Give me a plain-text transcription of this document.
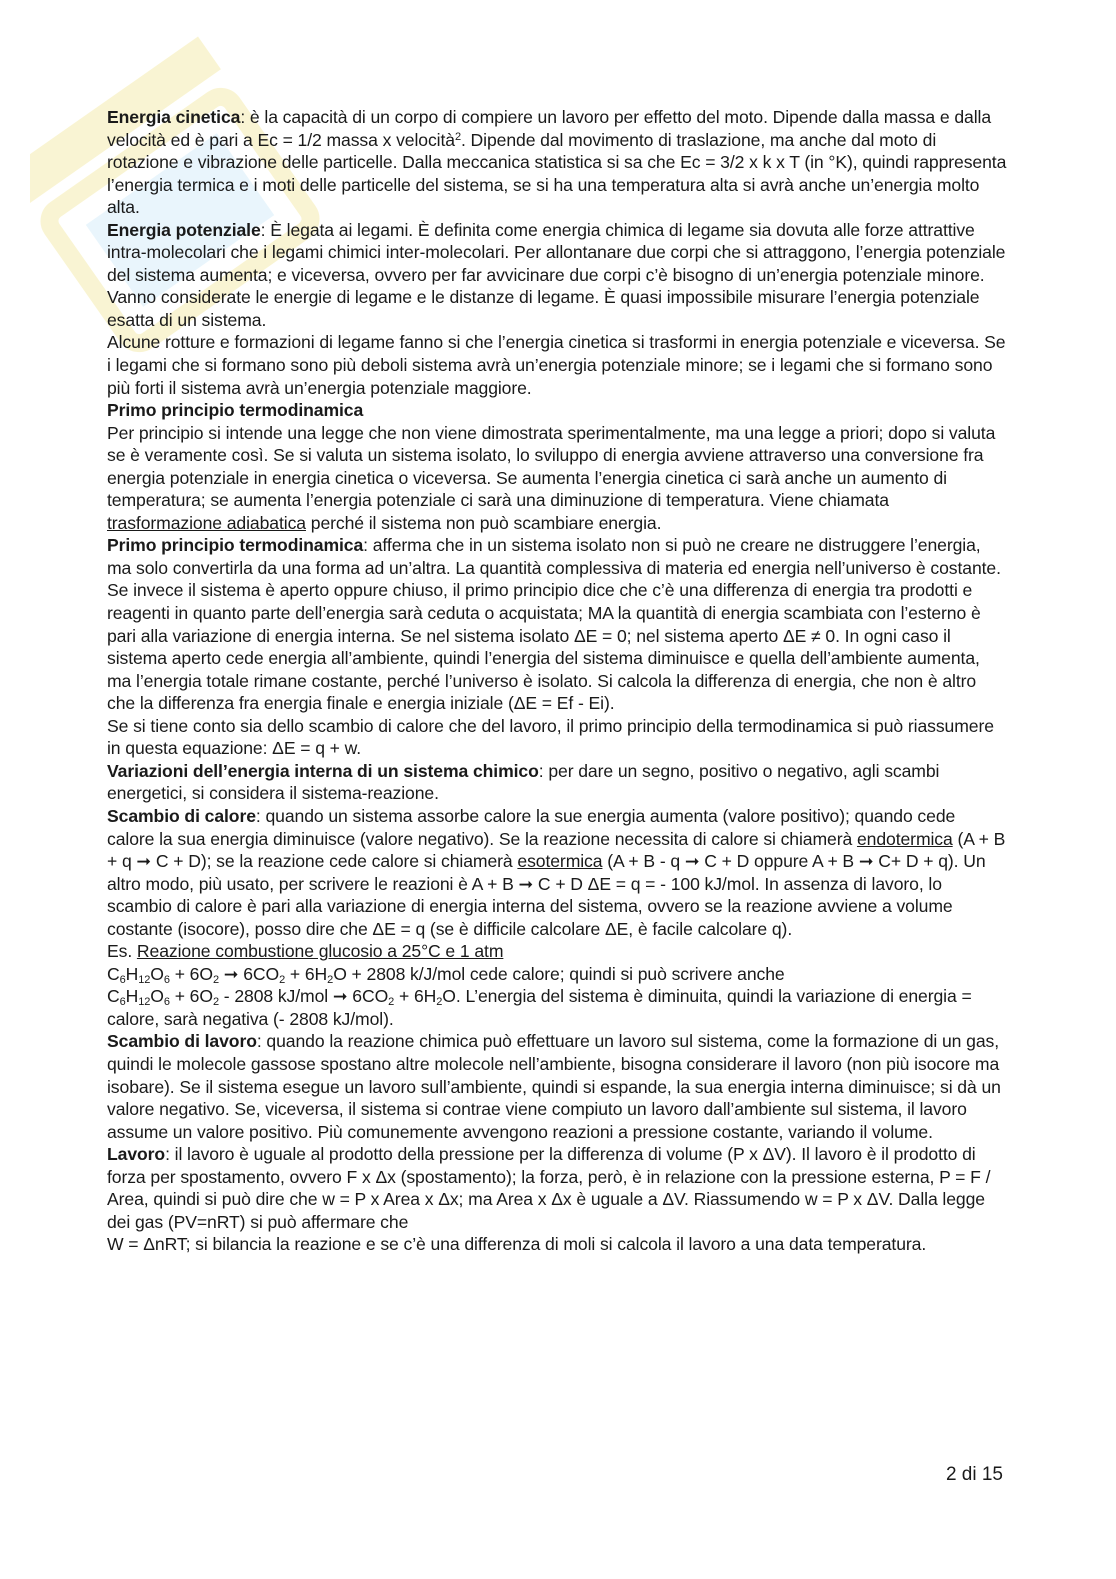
Energia cinetica: è la capacità di un corpo di compiere un lavoro per effetto del moto. Dipende dalla massa e dalla velocità ed è pari a Ec = 1/2 massa x velocità$^2$. Dipende dal movimento di traslazione, ma anche dal moto di rotazione e vibrazione delle particelle. Dalla meccanica statistica si sa che Ec = 3/2 x k x T (in °K), quindi rappresenta l’energia termica e i moti delle particelle del sistema, se si ha una temperatura alta si avrà anche un’energia molto alta.

Energia potenziale: È legata ai legami. È definita come energia chimica di legame sia dovuta alle forze attrattive intra-molecolari che i legami chimici inter-molecolari. Per allontanare due corpi che si attraggono, l’energia potenziale del sistema aumenta; e viceversa, ovvero per far avvicinare due corpi c’è bisogno di un’energia potenziale minore. Vanno considerate le energie di legame e le distanze di legame. È quasi impossibile misurare l’energia potenziale esatta di un sistema.

Alcune rotture e formazioni di legame fanno si che l’energia cinetica si trasformi in energia potenziale e viceversa. Se i legami che si formano sono più deboli sistema avrà un’energia potenziale minore; se i legami che si formano sono più forti il sistema avrà un’energia potenziale maggiore.

Primo principio termodinamica

Per principio si intende una legge che non viene dimostrata sperimentalmente, ma una legge a priori; dopo si valuta se è veramente così. Se si valuta un sistema isolato, lo sviluppo di energia avviene attraverso una conversione fra energia potenziale in energia cinetica o viceversa. Se aumenta l’energia cinetica ci sarà anche un aumento di temperatura; se aumenta l’energia potenziale ci sarà una diminuzione di temperatura. Viene chiamata trasformazione adiabatica perché il sistema non può scambiare energia.

Primo principio termodinamica: afferma che in un sistema isolato non si può ne creare ne distruggere l’energia, ma solo convertirla da una forma ad un’altra. La quantità complessiva di materia ed energia nell’universo è costante. Se invece il sistema è aperto oppure chiuso, il primo principio dice che c’è una differenza di energia tra prodotti e reagenti in quanto parte dell’energia sarà ceduta o acquistata; MA la quantità di energia scambiata con l’esterno è pari alla variazione di energia interna. Se nel sistema isolato ΔE = 0; nel sistema aperto ΔE ≠ 0. In ogni caso il sistema aperto cede energia all’ambiente, quindi l’energia del sistema diminuisce e quella dell’ambiente aumenta, ma l’energia totale rimane costante, perché l’universo è isolato. Si calcola la differenza di energia, che non è altro che la differenza fra energia finale e energia iniziale (ΔE = Ef - Ei).

Se si tiene conto sia dello scambio di calore che del lavoro, il primo principio della termodinamica si può riassumere in questa equazione: ΔE = q + w.

Variazioni dell’energia interna di un sistema chimico: per dare un segno, positivo o negativo, agli scambi energetici, si considera il sistema-reazione.

Scambio di calore: quando un sistema assorbe calore la sue energia aumenta (valore positivo); quando cede calore la sua energia diminuisce (valore negativo). Se la reazione necessita di calore si chiamerà endotermica (A + B + q ➞ C + D); se la reazione cede calore si chiamerà esotermica (A + B - q ➞ C + D oppure A + B ➞ C+ D + q). Un altro modo, più usato, per scrivere le reazioni è A + B ➞ C + D ΔE = q = - 100 kJ/mol. In assenza di lavoro, lo scambio di calore è pari alla variazione di energia interna del sistema, ovvero se la reazione avviene a volume costante (isocore), posso dire che ΔE = q (se è difficile calcolare ΔE, è facile calcolare q).

Es. Reazione combustione glucosio a 25°C e 1 atm

$C_6H_{12}O_6 + 6O_2$ ➞ $6CO_2 + 6H_2O + 2808$ k/J/mol cede calore; quindi si può scrivere anche
$C_6H_{12}O_6 + 6O_2 - 2808$ kJ/mol ➞ $6CO_2 + 6H_2O$. L’energia del sistema è diminuita, quindi la variazione di energia = calore, sarà negativa (- 2808 kJ/mol).

Scambio di lavoro: quando la reazione chimica può effettuare un lavoro sul sistema, come la formazione di un gas, quindi le molecole gassose spostano altre molecole nell’ambiente, bisogna considerare il lavoro (non più isocore ma isobare). Se il sistema esegue un lavoro sull’ambiente, quindi si espande, la sua energia interna diminuisce; si dà un valore negativo. Se, viceversa, il sistema si contrae viene compiuto un lavoro dall’ambiente sul sistema, il lavoro assume un valore positivo. Più comunemente avvengono reazioni a pressione costante, variando il volume.

Lavoro: il lavoro è uguale al prodotto della pressione per la differenza di volume (P x ΔV). Il lavoro è il prodotto di forza per spostamento, ovvero F x Δx (spostamento); la forza, però, è in relazione con la pressione esterna, P = F / Area, quindi si può dire che w = P x Area x Δx; ma Area x Δx è uguale a ΔV. Riassumendo w = P x ΔV. Dalla legge dei gas (PV=nRT) si può affermare che
W = ΔnRT; si bilancia la reazione e se c’è una differenza di moli si calcola il lavoro a una data temperatura.

2 di 15
